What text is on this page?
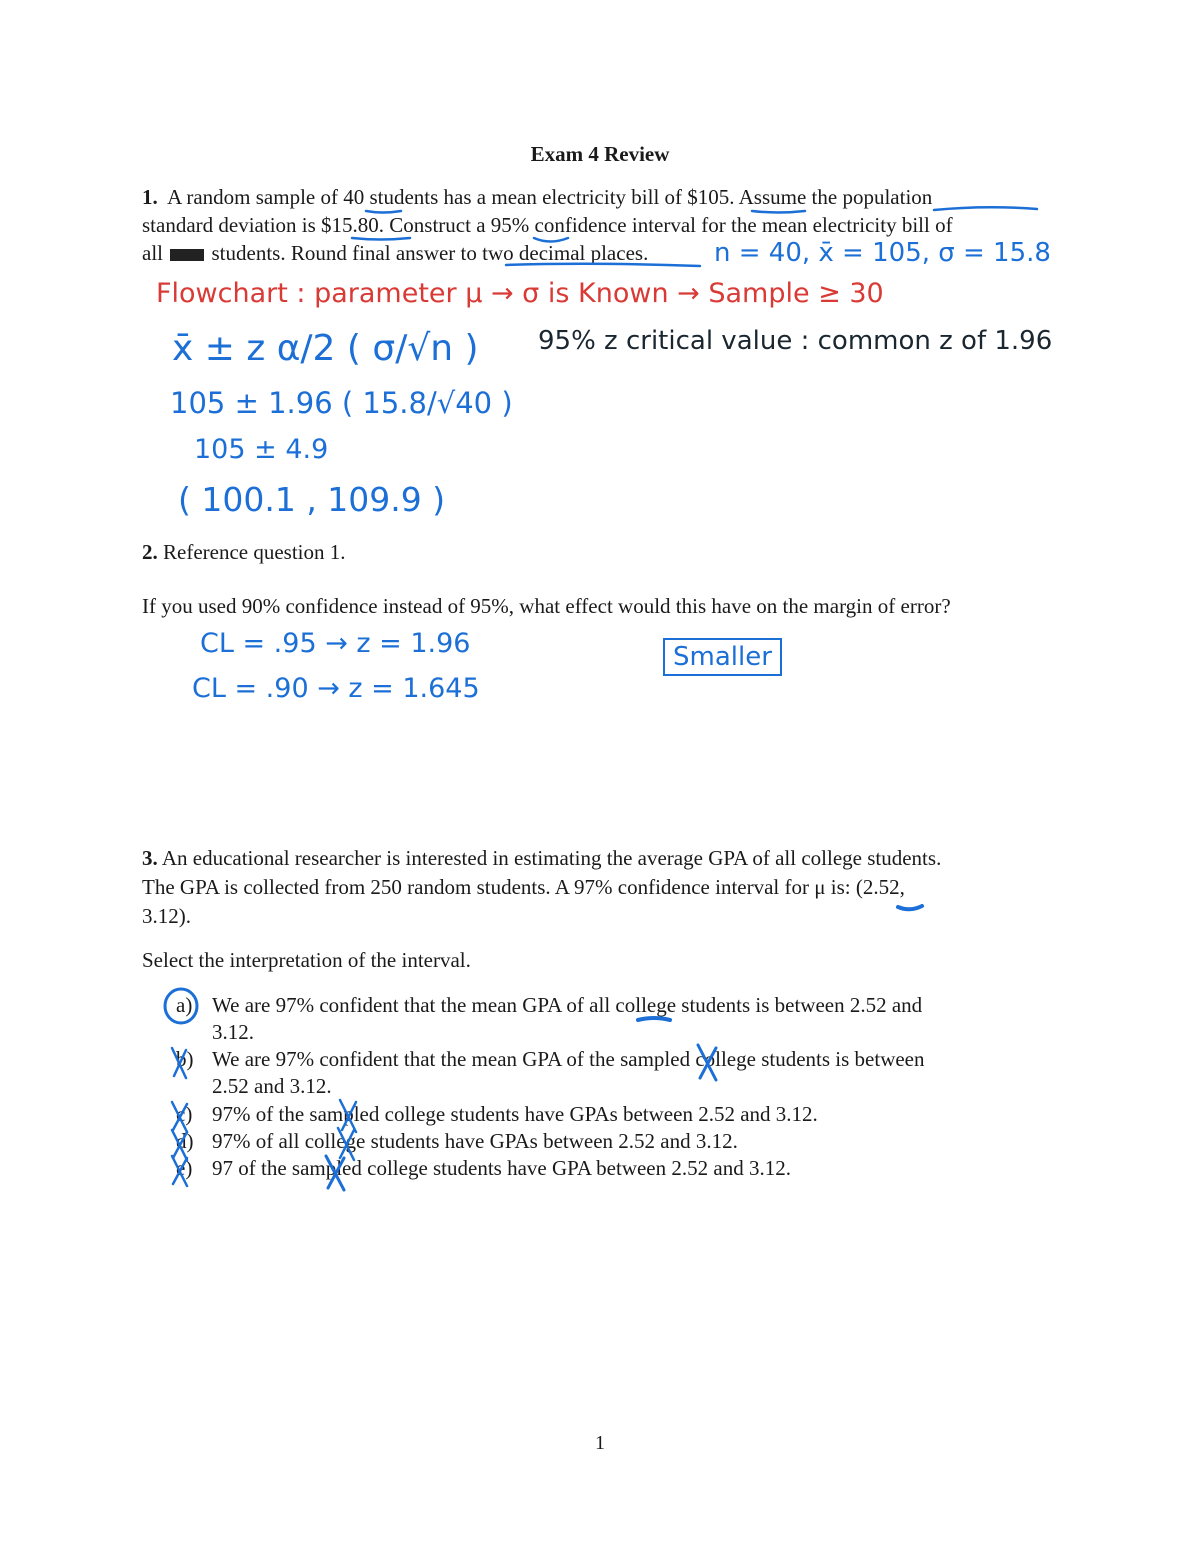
Exam 4 Review
1. A random sample of 40 students has a mean electricity bill of $105. Assume the population
standard deviation is $15.80. Construct a 95% confidence interval for the mean electricity bill of
all students. Round final answer to two decimal places.	n = 40, x̄ = 105, σ = 15.8
Flowchart : parameter μ → σ is Known → Sample ≥ 30
x̄ ± z α/2 ( σ/√n ) 95% z critical value : common z of 1.96
105 ± 1.96 ( 15.8/√40 )
105 ± 4.9
( 100.1 , 109.9 )
2. Reference question 1.
If you used 90% confidence instead of 95%, what effect would this have on the margin of error?
CL = .95 → z = 1.96
CL = .90 → z = 1.645
Smaller
3. An educational researcher is interested in estimating the average GPA of all college students.
The GPA is collected from 250 random students. A 97% confidence interval for μ is: (2.52,
3.12).
Select the interpretation of the interval.
a) We are 97% confident that the mean GPA of all college students is between 2.52 and
3.12.
b) We are 97% confident that the mean GPA of the sampled college students is between
2.52 and 3.12.
c) 97% of the sampled college students have GPAs between 2.52 and 3.12.
d) 97% of all college students have GPAs between 2.52 and 3.12.
e) 97 of the sampled college students have GPA between 2.52 and 3.12.
1
